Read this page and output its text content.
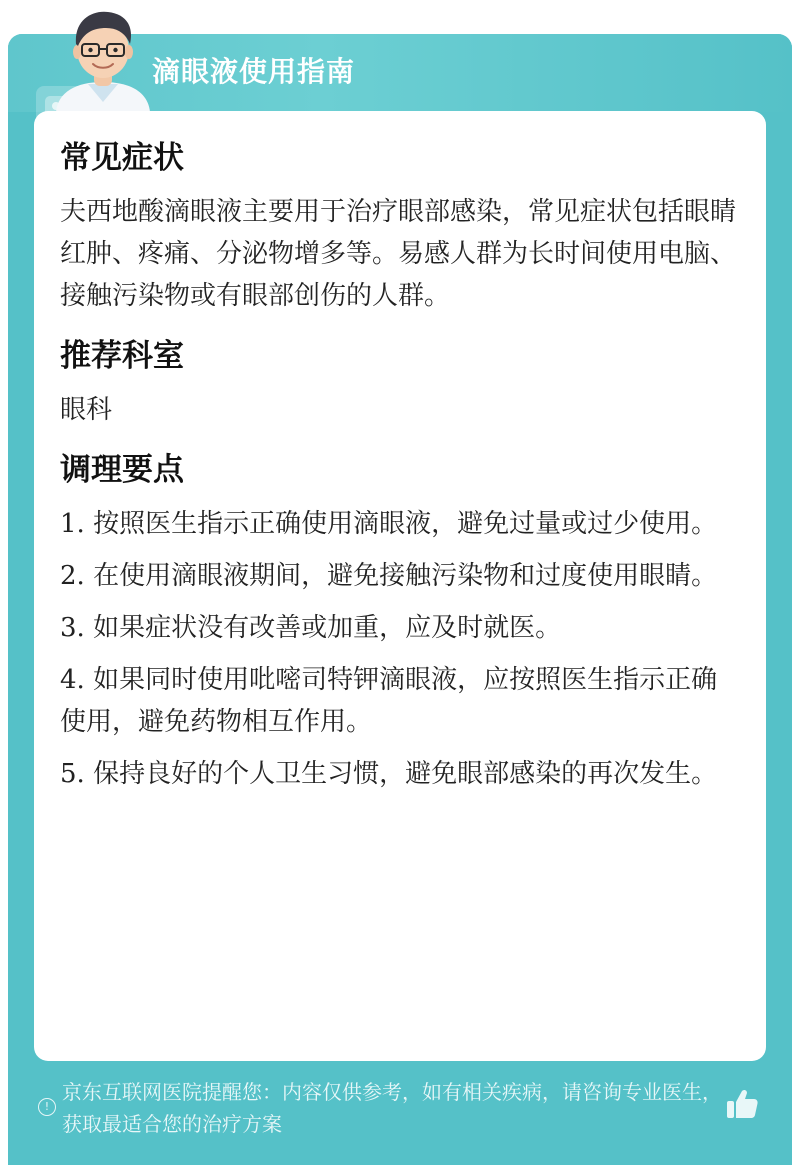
滴眼液使用指南
常见症状

夫西地酸滴眼液主要用于治疗眼部感染，常见症状包括眼睛红肿、疼痛、分泌物增多等。易感人群为长时间使用电脑、接触污染物或有眼部创伤的人群。

推荐科室

眼科

调理要点

1. 按照医生指示正确使用滴眼液，避免过量或过少使用。

2. 在使用滴眼液期间，避免接触污染物和过度使用眼睛。

3. 如果症状没有改善或加重，应及时就医。

4. 如果同时使用吡嘧司特钾滴眼液，应按照医生指示正确使用，避免药物相互作用。

5. 保持良好的个人卫生习惯，避免眼部感染的再次发生。

!
京东互联网医院提醒您：内容仅供参考，如有相关疾病，请咨询专业医生，获取最适合您的治疗方案
